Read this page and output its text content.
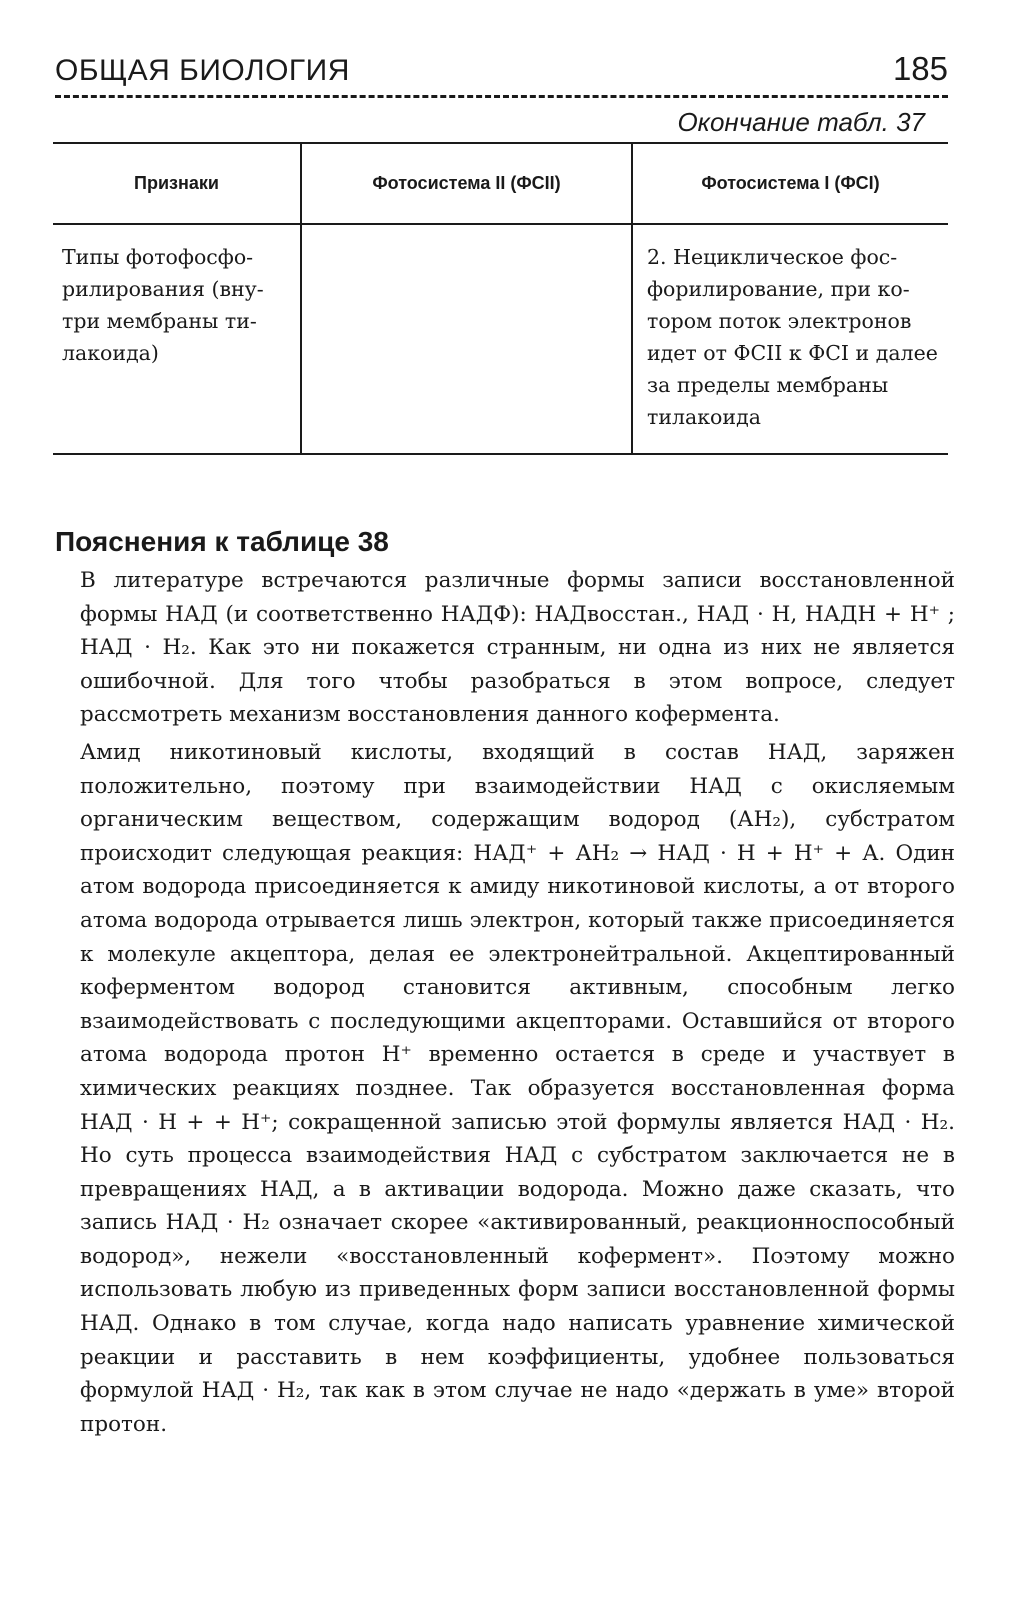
ОБЩАЯ БИОЛОГИЯ	185
Окончание табл. 37
Признаки	Фотосистема II (ФСII)	Фотосистема I (ФСI)
Типы фотофосфорилирования (внутри мембраны тилакоида)		2. Нециклическое фосфорилирование, при котором поток электронов идет от ФСII к ФСI и далее за пределы мембраны тилакоида
Пояснения к таблице 38

В литературе встречаются различные формы записи восстановленной формы НАД (и соответственно НАДФ): НАДвосстан., НАД · Н, НАДН + Н⁺ ; НАД · Н₂. Как это ни покажется странным, ни одна из них не является ошибочной. Для того чтобы разобраться в этом вопросе, следует рассмотреть механизм восстановления данного кофермента.

Амид никотиновый кислоты, входящий в состав НАД, заряжен положительно, поэтому при взаимодействии НАД с окисляемым органическим веществом, содержащим водород (АН₂), субстратом происходит следующая реакция: НАД⁺ + АН₂ → НАД · Н + Н⁺ + А. Один атом водорода присоединяется к амиду никотиновой кислоты, а от второго атома водорода отрывается лишь электрон, который также присоединяется к молекуле акцептора, делая ее электронейтральной. Акцептированный коферментом водород становится активным, способным легко взаимодействовать с последующими акцепторами. Оставшийся от второго атома водорода протон Н⁺ временно остается в среде и участвует в химических реакциях позднее. Так образуется восстановленная форма НАД · Н + + Н⁺; сокращенной записью этой формулы является НАД · Н₂. Но суть процесса взаимодействия НАД с субстратом заключается не в превращениях НАД, а в активации водорода. Можно даже сказать, что запись НАД · Н₂ означает скорее «активированный, реакционноспособный водород», нежели «восстановленный кофермент». Поэтому можно использовать любую из приведенных форм записи восстановленной формы НАД. Однако в том случае, когда надо написать уравнение химической реакции и расставить в нем коэффициенты, удобнее пользоваться формулой НАД · Н₂, так как в этом случае не надо «держать в уме» второй протон.
